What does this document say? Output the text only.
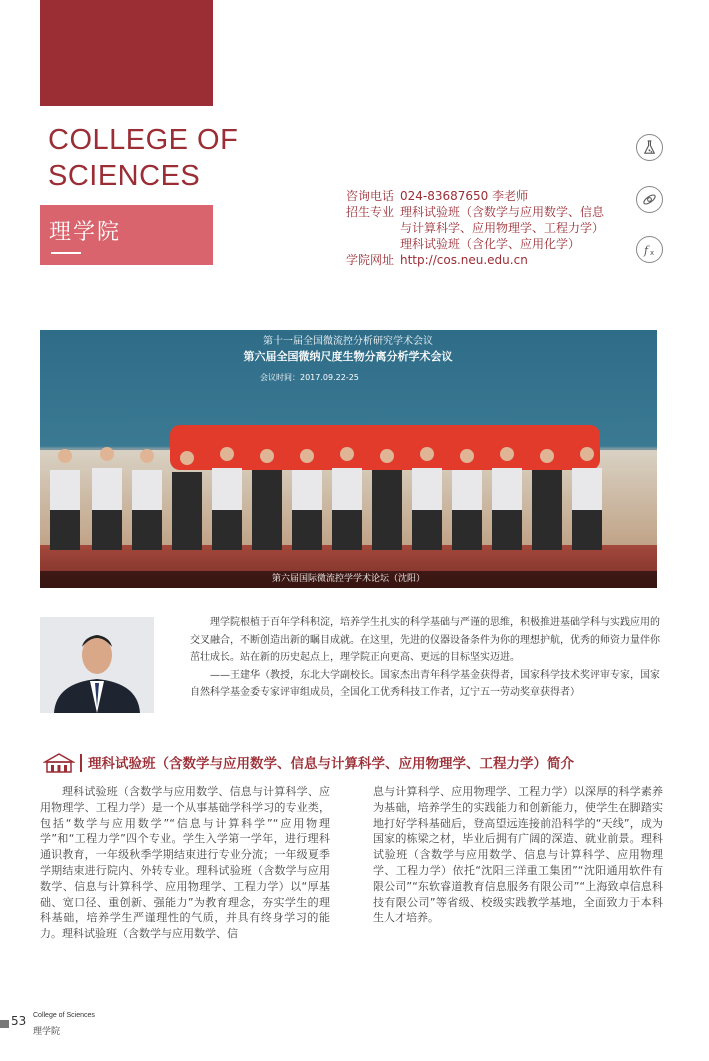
COLLEGE OF
SCIENCES
理学院
咨询电话 024-83687650 李老师
招生专业 理科试验班（含数学与应用数学、信息
与计算科学、应用物理学、工程力学）
理科试验班（含化学、应用化学）
学院网址 http://cos.neu.edu.cn
f x
第十一届全国微流控分析研究学术会议
第六届全国微纳尺度生物分离分析学术会议
会议时间：2017.09.22-25
第六届国际微流控学学术论坛（沈阳）

理学院根植于百年学科积淀，培养学生扎实的科学基础与严谨的思维，积极推进基础学科与实践应用的交叉融合，不断创造出新的瞩目成就。在这里，先进的仪器设备条件为你的理想护航，优秀的师资力量伴你茁壮成长。站在新的历史起点上，理学院正向更高、更远的目标坚实迈进。

——王建华（教授，东北大学副校长。国家杰出青年科学基金获得者，国家科学技术奖评审专家，国家自然科学基金委专家评审组成员，全国化工优秀科技工作者，辽宁五一劳动奖章获得者）

理科试验班（含数学与应用数学、信息与计算科学、应用物理学、工程力学）简介

理科试验班（含数学与应用数学、信息与计算科学、应用物理学、工程力学）是一个从事基础学科学习的专业类，包括“数学与应用数学”“信息与计算科学”“应用物理学”和“工程力学”四个专业。学生入学第一学年，进行理科通识教育，一年级秋季学期结束进行专业分流；一年级夏季学期结束进行院内、外转专业。理科试验班（含数学与应用数学、信息与计算科学、应用物理学、工程力学）以“厚基础、宽口径、重创新、强能力”为教育理念，夯实学生的理科基础，培养学生严谨理性的气质，并具有终身学习的能力。理科试验班（含数学与应用数学、信

息与计算科学、应用物理学、工程力学）以深厚的科学素养为基础，培养学生的实践能力和创新能力，使学生在脚踏实地打好学科基础后，登高望远连接前沿科学的“天线”，成为国家的栋梁之材，毕业后拥有广阔的深造、就业前景。理科试验班（含数学与应用数学、信息与计算科学、应用物理学、工程力学）依托“沈阳三洋重工集团”“沈阳通用软件有限公司”“东软睿道教育信息服务有限公司”“上海致卓信息科技有限公司”等省级、校级实践教学基地，全面致力于本科生人才培养。

53 College of Sciences
理学院
